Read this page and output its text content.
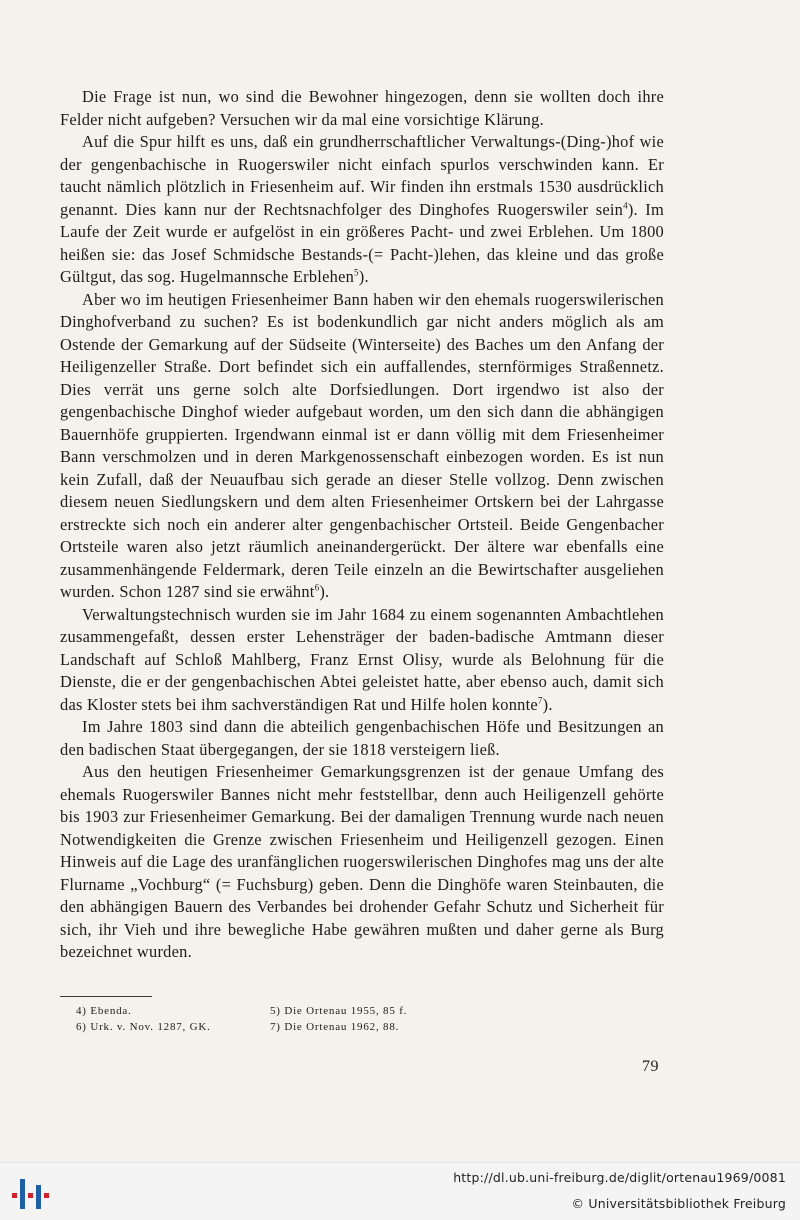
Die Frage ist nun, wo sind die Bewohner hingezogen, denn sie wollten doch ihre Felder nicht aufgeben? Versuchen wir da mal eine vorsichtige Klärung.

Auf die Spur hilft es uns, daß ein grundherrschaftlicher Verwaltungs-(Ding-)hof wie der gengenbachische in Ruogerswiler nicht einfach spurlos verschwinden kann. Er taucht nämlich plötzlich in Friesenheim auf. Wir finden ihn erstmals 1530 ausdrücklich genannt. Dies kann nur der Rechtsnachfolger des Dinghofes Ruogerswiler sein$^4$). Im Laufe der Zeit wurde er aufgelöst in ein größeres Pacht- und zwei Erblehen. Um 1800 heißen sie: das Josef Schmidsche Bestands-(= Pacht-)lehen, das kleine und das große Gültgut, das sog. Hugelmannsche Erblehen$^5$).

Aber wo im heutigen Friesenheimer Bann haben wir den ehemals ruogerswilerischen Dinghofverband zu suchen? Es ist bodenkundlich gar nicht anders möglich als am Ostende der Gemarkung auf der Südseite (Winterseite) des Baches um den Anfang der Heiligenzeller Straße. Dort befindet sich ein auffallendes, sternförmiges Straßennetz. Dies verrät uns gerne solch alte Dorfsiedlungen. Dort irgendwo ist also der gengenbachische Dinghof wieder aufgebaut worden, um den sich dann die abhängigen Bauernhöfe gruppierten. Irgendwann einmal ist er dann völlig mit dem Friesenheimer Bann verschmolzen und in deren Markgenossenschaft einbezogen worden. Es ist nun kein Zufall, daß der Neuaufbau sich gerade an dieser Stelle vollzog. Denn zwischen diesem neuen Siedlungskern und dem alten Friesenheimer Ortskern bei der Lahrgasse erstreckte sich noch ein anderer alter gengenbachischer Ortsteil. Beide Gengenbacher Ortsteile waren also jetzt räumlich aneinandergerückt. Der ältere war ebenfalls eine zusammenhängende Feldermark, deren Teile einzeln an die Bewirtschafter ausgeliehen wurden. Schon 1287 sind sie erwähnt$^6$).

Verwaltungstechnisch wurden sie im Jahr 1684 zu einem sogenannten Ambachtlehen zusammengefaßt, dessen erster Lehensträger der baden-badische Amtmann dieser Landschaft auf Schloß Mahlberg, Franz Ernst Olisy, wurde als Belohnung für die Dienste, die er der gengenbachischen Abtei geleistet hatte, aber ebenso auch, damit sich das Kloster stets bei ihm sachverständigen Rat und Hilfe holen konnte$^7$).

Im Jahre 1803 sind dann die abteilich gengenbachischen Höfe und Besitzungen an den badischen Staat übergegangen, der sie 1818 versteigern ließ.

Aus den heutigen Friesenheimer Gemarkungsgrenzen ist der genaue Umfang des ehemals Ruogerswiler Bannes nicht mehr feststellbar, denn auch Heiligenzell gehörte bis 1903 zur Friesenheimer Gemarkung. Bei der damaligen Trennung wurde nach neuen Notwendigkeiten die Grenze zwischen Friesenheim und Heiligenzell gezogen. Einen Hinweis auf die Lage des uranfänglichen ruogerswilerischen Dinghofes mag uns der alte Flurname „Vochburg“ (= Fuchsburg) geben. Denn die Dinghöfe waren Steinbauten, die den abhängigen Bauern des Verbandes bei drohender Gefahr Schutz und Sicherheit für sich, ihr Vieh und ihre bewegliche Habe gewähren mußten und daher gerne als Burg bezeichnet wurden.

4) Ebenda.	5) Die Ortenau 1955, 85 f.
6) Urk. v. Nov. 1287, GK.	7) Die Ortenau 1962, 88.
79
http://dl.ub.uni-freiburg.de/diglit/ortenau1969/0081
© Universitätsbibliothek Freiburg
